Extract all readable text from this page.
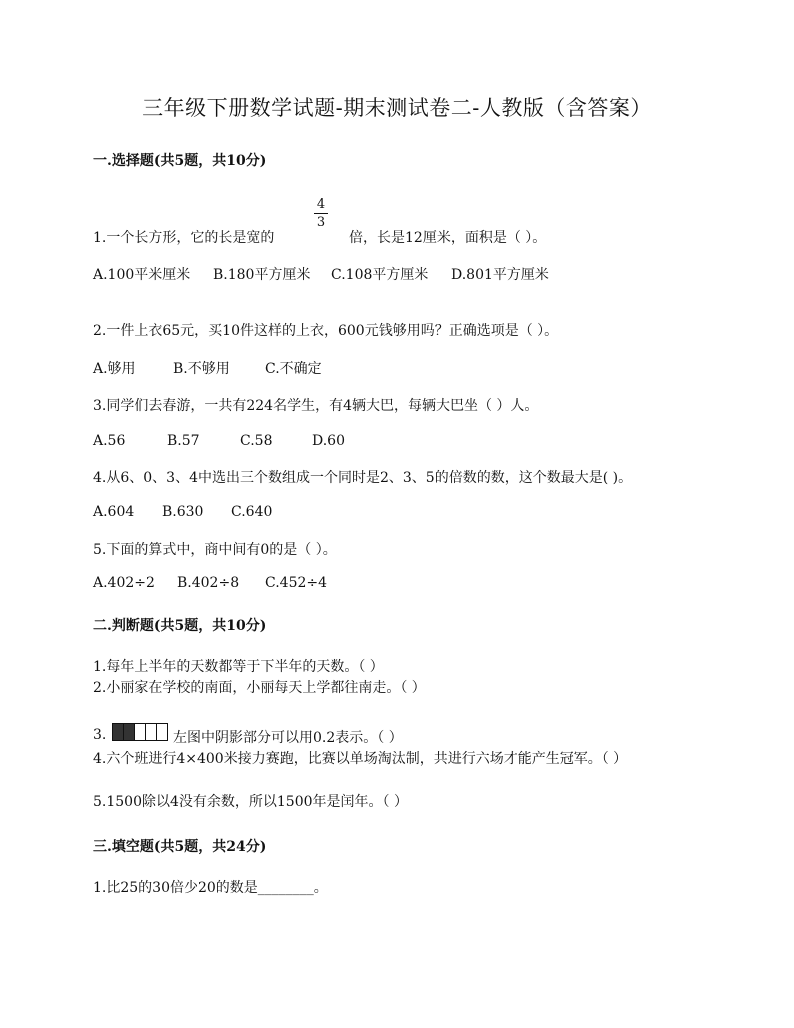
三年级下册数学试题-期末测试卷二-人教版（含答案）
一.选择题(共5题，共10分)
1.一个长方形，它的长是宽的
4
3
倍，长是12厘米，面积是（ ）。
A.100平米厘米 B.180平方厘米 C.108平方厘米 D.801平方厘米
2.一件上衣65元，买10件这样的上衣，600元钱够用吗？正确选项是（ ）。
A.够用	B.不够用	C.不确定
3.同学们去春游，一共有224名学生，有4辆大巴，每辆大巴坐（ ）人。
A.56	B.57	C.58	D.60
4.从6、0、3、4中选出三个数组成一个同时是2、3、5的倍数的数，这个数最大是( )。
A.604 B.630 C.640
5.下面的算式中，商中间有0的是（ ）。
A.402÷2 B.402÷8 C.452÷4
二.判断题(共5题，共10分)
1.每年上半年的天数都等于下半年的天数。（ ）
2.小丽家在学校的南面，小丽每天上学都往南走。（ ）
3.	左图中阴影部分可以用0.2表示。（ ）
4.六个班进行4×400米接力赛跑，比赛以单场淘汰制，共进行六场才能产生冠军。（ ）
5.1500除以4没有余数，所以1500年是闰年。（ ）
三.填空题(共5题，共24分)
1.比25的30倍少20的数是________。
